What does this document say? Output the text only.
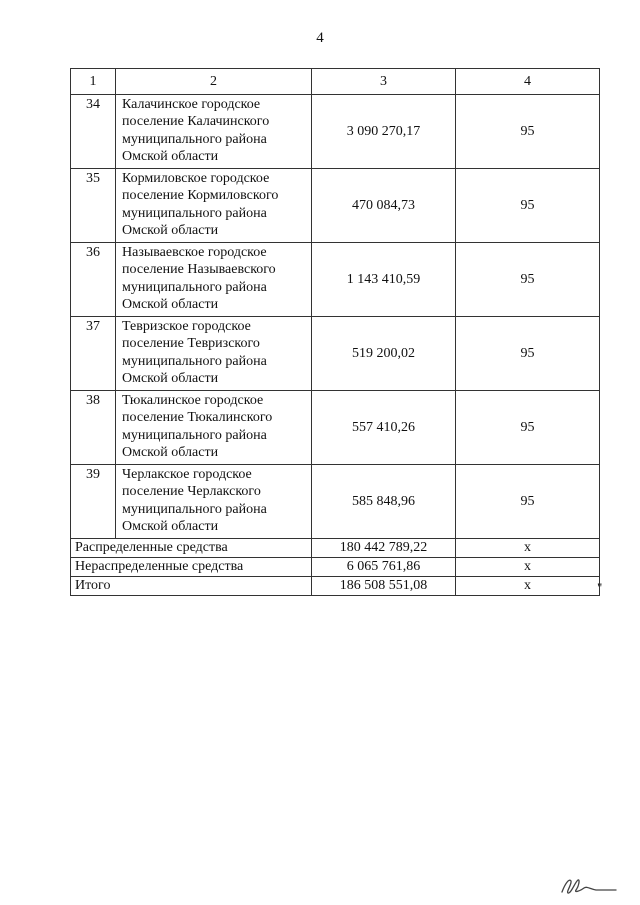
4
1	2	3	4
34	Калачинское городское
поселение Калачинского
муниципального района
Омской области	3 090 270,17	95
35	Кормиловское городское
поселение Кормиловского
муниципального района
Омской области	470 084,73	95
36	Называевское городское
поселение Называевского
муниципального района
Омской области	1 143 410,59	95
37	Тевризское городское
поселение Тевризского
муниципального района
Омской области	519 200,02	95
38	Тюкалинское городское
поселение Тюкалинского
муниципального района
Омской области	557 410,26	95
39	Черлакское городское
поселение Черлакского
муниципального района
Омской области	585 848,96	95
Распределенные средства		180 442 789,22	х
Нераспределенные средства		6 065 761,86	х
Итого		186 508 551,08	х	"
